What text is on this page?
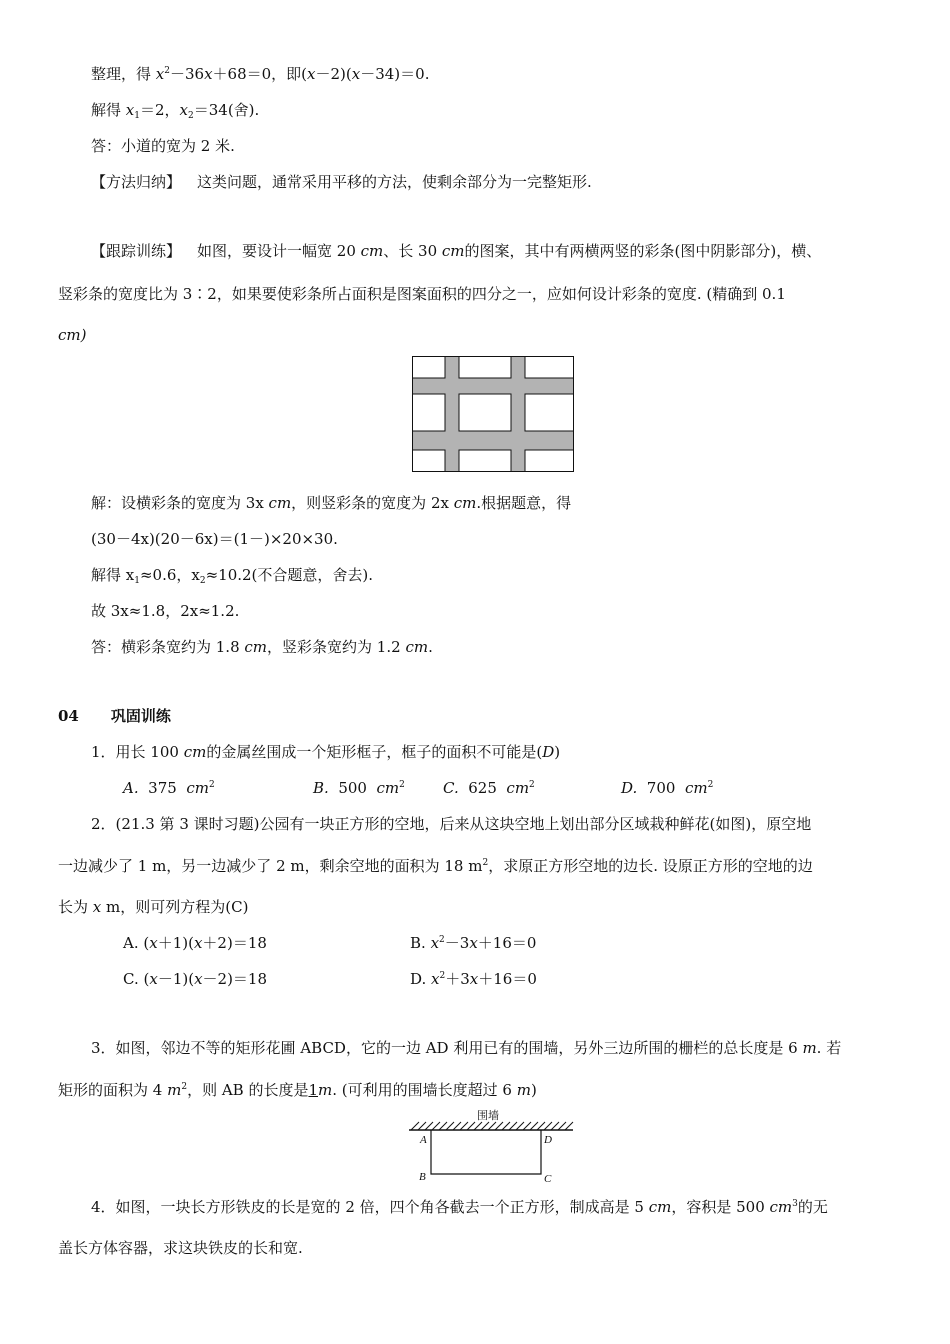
整理，得 $x^2-36x+68=0$，即(x－2)(x－34)＝0.
解得 $x_1=2$，$x_2=34$(舍).
答：小道的宽为 2 米.
【方法归纳】 这类问题，通常采用平移的方法，使剩余部分为一完整矩形.
【跟踪训练】 如图，要设计一幅宽 20 cm、长 30 cm的图案，其中有两横两竖的彩条(图中阴影部分)，横、
竖彩条的宽度比为 3∶2，如果要使彩条所占面积是图案面积的四分之一，应如何设计彩条的宽度. (精确到 0.1
cm)
解：设横彩条的宽度为 3x cm，则竖彩条的宽度为 2x cm.根据题意，得
(30－4x)(20－6x)＝(1－)×20×30.
解得 $x_1\approx 0.6$，$x_2\approx 10.2$(不合题意，舍去).
故 3x≈1.8，2x≈1.2.
答：横彩条宽约为 1.8 cm，竖彩条宽约为 1.2 cm.
04 巩固训练
1．用长 100 cm的金属丝围成一个矩形框子，框子的面积不可能是(D)
A.  375  $cm^2$	B.  500  $cm^2$	C.  625  $cm^2$	D.  700  $cm^2$
2．(21.3 第 3 课时习题)公园有一块正方形的空地，后来从这块空地上划出部分区域栽种鲜花(如图)，原空地
一边减少了 1 m，另一边减少了 2 m，剩余空地的面积为 18 $m^2$，求原正方形空地的边长. 设原正方形的空地的边
长为 x m，则可列方程为(C)
A. (x＋1)(x＋2)＝18	B. $x^2-3x+16=0$
C. (x－1)(x－2)＝18	D. $x^2+3x+16=0$
3．如图，邻边不等的矩形花圃 ABCD，它的一边 AD 利用已有的围墙，另外三边所围的栅栏的总长度是 6 m. 若
矩形的面积为 4 $m^2$，则 AB 的长度是1m. (可利用的围墙长度超过 6 m)
围墙
A
B	C
D
4．如图，一块长方形铁皮的长是宽的 2 倍，四个角各截去一个正方形，制成高是 5 cm，容积是 500 $cm^3$的无
盖长方体容器，求这块铁皮的长和宽.
